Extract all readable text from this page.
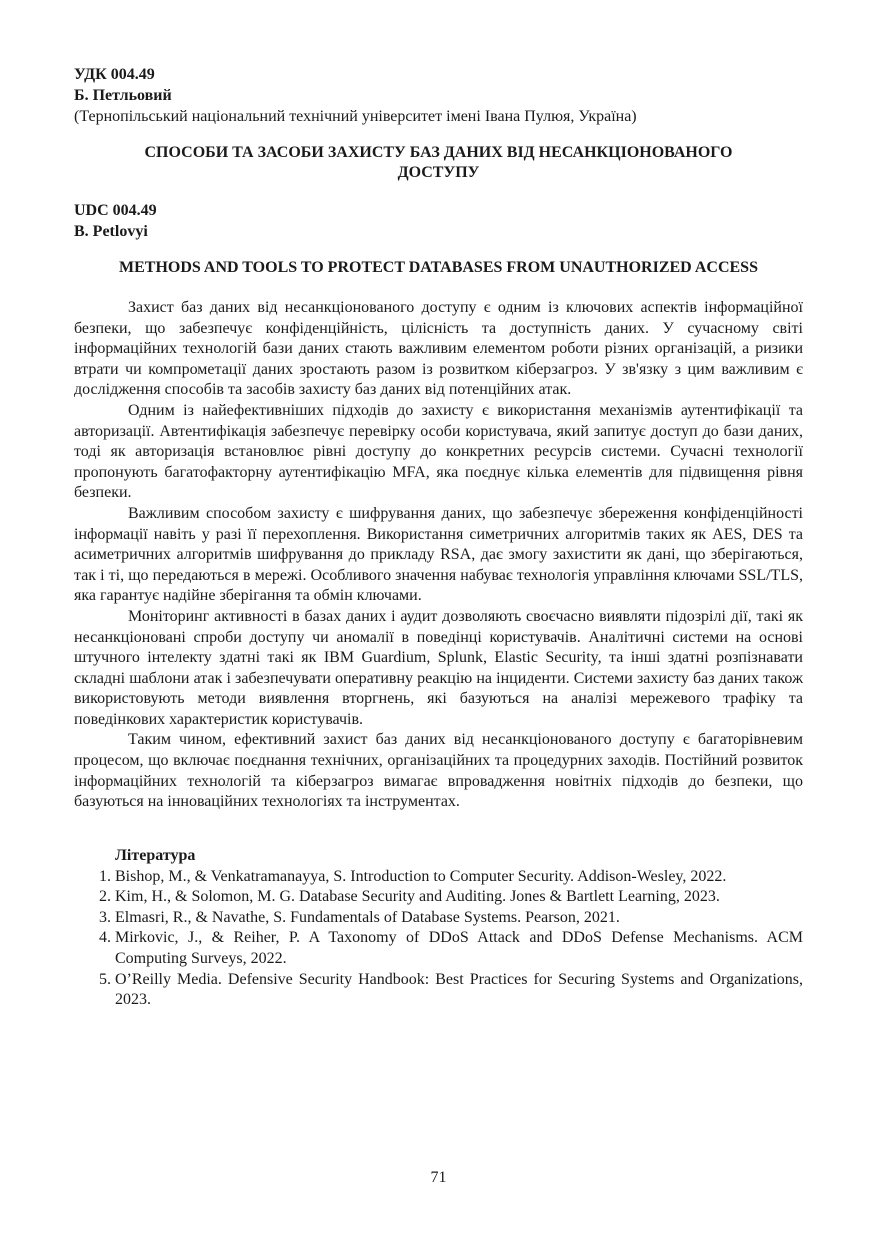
УДК 004.49
Б. Петльовий
(Тернопільський національний технічний університет імені Івана Пулюя, Україна)
СПОСОБИ ТА ЗАСОБИ ЗАХИСТУ БАЗ ДАНИХ ВІД НЕСАНКЦІОНОВАНОГО
ДОСТУПУ
UDC 004.49
B. Petlovyi
METHODS AND TOOLS TO PROTECT DATABASES FROM UNAUTHORIZED ACCESS

Захист баз даних від несанкціонованого доступу є одним із ключових аспектів інформаційної безпеки, що забезпечує конфіденційність, цілісність та доступність даних. У сучасному світі інформаційних технологій бази даних стають важливим елементом роботи різних організацій, а ризики втрати чи компрометації даних зростають разом із розвитком кіберзагроз. У зв'язку з цим важливим є дослідження способів та засобів захисту баз даних від потенційних атак.

Одним із найефективніших підходів до захисту є використання механізмів аутентифікації та авторизації. Автентифікація забезпечує перевірку особи користувача, який запитує доступ до бази даних, тоді як авторизація встановлює рівні доступу до конкретних ресурсів системи. Сучасні технології пропонують багатофакторну аутентифікацію MFA, яка поєднує кілька елементів для підвищення рівня безпеки.

Важливим способом захисту є шифрування даних, що забезпечує збереження конфіденційності інформації навіть у разі її перехоплення. Використання симетричних алгоритмів таких як AES, DES та асиметричних алгоритмів шифрування до прикладу RSA, дає змогу захистити як дані, що зберігаються, так і ті, що передаються в мережі. Особливого значення набуває технологія управління ключами SSL/TLS, яка гарантує надійне зберігання та обмін ключами.

Моніторинг активності в базах даних і аудит дозволяють своєчасно виявляти підозрілі дії, такі як несанкціоновані спроби доступу чи аномалії в поведінці користувачів. Аналітичні системи на основі штучного інтелекту здатні такі як IBM Guardium, Splunk, Elastic Security, та інші здатні розпізнавати складні шаблони атак і забезпечувати оперативну реакцію на інциденти. Системи захисту баз даних також використовують методи виявлення вторгнень, які базуються на аналізі мережевого трафіку та поведінкових характеристик користувачів.

Таким чином, ефективний захист баз даних від несанкціонованого доступу є багаторівневим процесом, що включає поєднання технічних, організаційних та процедурних заходів. Постійний розвиток інформаційних технологій та кіберзагроз вимагає впровадження новітніх підходів до безпеки, що базуються на інноваційних технологіях та інструментах.

Література
1. Bishop, M., & Venkatramanayya, S. Introduction to Computer Security. Addison-Wesley, 2022.
2. Kim, H., & Solomon, M. G. Database Security and Auditing. Jones & Bartlett Learning, 2023.
3. Elmasri, R., & Navathe, S. Fundamentals of Database Systems. Pearson, 2021.
4. Mirkovic, J., & Reiher, P. A Taxonomy of DDoS Attack and DDoS Defense Mechanisms. ACM Computing Surveys, 2022.
5. O’Reilly Media. Defensive Security Handbook: Best Practices for Securing Systems and Organizations, 2023.
71
